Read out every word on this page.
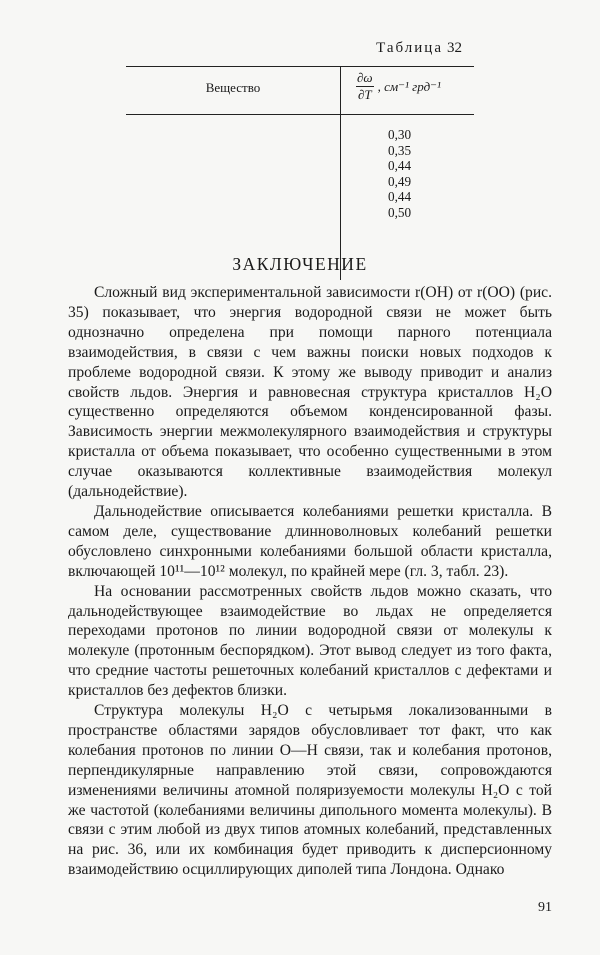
Таблица 32
Вещество	$\frac{\partial\omega}{\partial T}$ , см⁻¹ грд⁻¹
0,30
0,35
0,44
0,49
0,44
0,50
ЗАКЛЮЧЕНИЕ

Сложный вид экспериментальной зависимости r(ОН) от r(ОО) (рис. 35) показывает, что энергия водородной связи не может быть однозначно определена при помощи парного потенциала взаимодействия, в связи с чем важны поиски новых подходов к проблеме водородной связи. К этому же выводу приводит и анализ свойств льдов. Энергия и равновесная структура кристаллов H₂O существенно определяются объемом конденсированной фазы. Зависимость энергии межмолекулярного взаимодействия и структуры кристалла от объема показывает, что особенно существенными в этом случае оказываются коллективные взаимодействия молекул (дальнодействие).

Дальнодействие описывается колебаниями решетки кристалла. В самом деле, существование длинноволновых колебаний решетки обусловлено синхронными колебаниями большой области кристалла, включающей 10¹¹—10¹² молекул, по крайней мере (гл. 3, табл. 23).

На основании рассмотренных свойств льдов можно сказать, что дальнодействующее взаимодействие во льдах не определяется переходами протонов по линии водородной связи от молекулы к молекуле (протонным беспорядком). Этот вывод следует из того факта, что средние частоты решеточных колебаний кристаллов с дефектами и кристаллов без дефектов близки.

Структура молекулы H₂O с четырьмя локализованными в пространстве областями зарядов обусловливает тот факт, что как колебания протонов по линии О—Н связи, так и колебания протонов, перпендикулярные направлению этой связи, сопровождаются изменениями величины атомной поляризуемости молекулы H₂O с той же частотой (колебаниями величины дипольного момента молекулы). В связи с этим любой из двух типов атомных колебаний, представленных на рис. 36, или их комбинация будет приводить к дисперсионному взаимодействию осциллирующих диполей типа Лондона. Однако

91
